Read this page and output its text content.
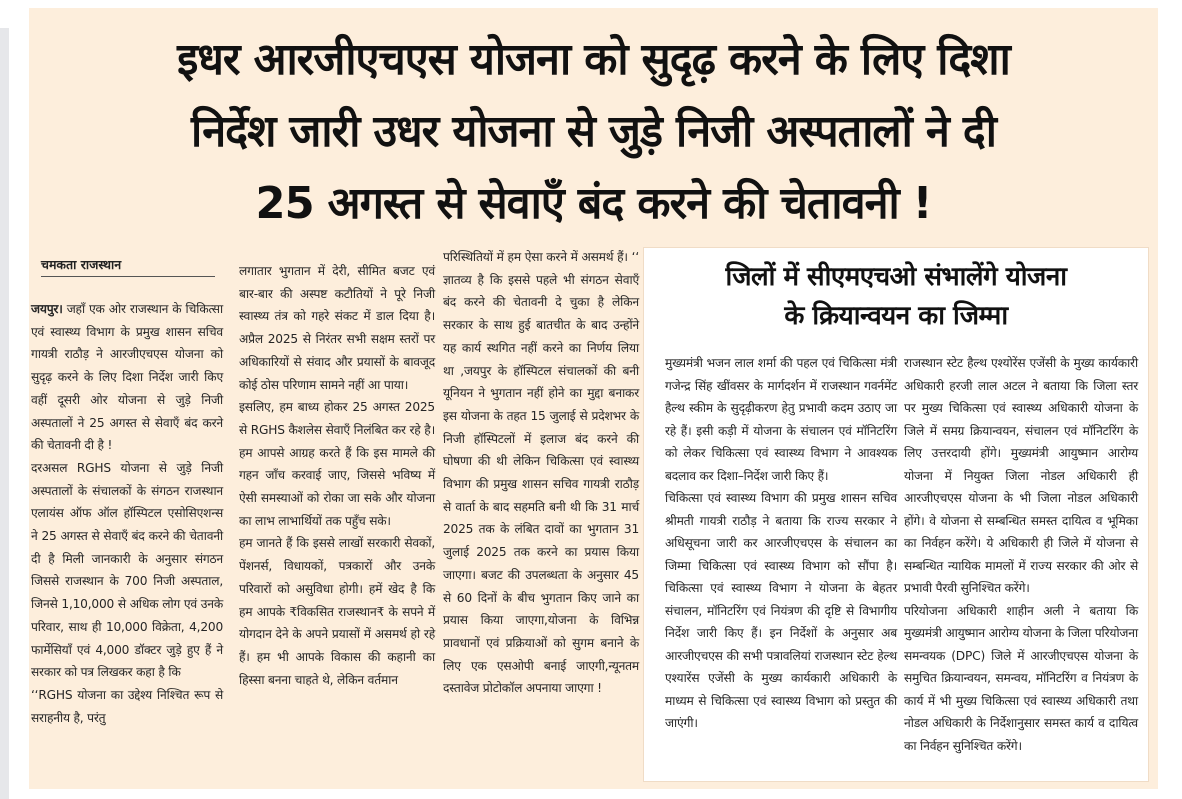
इधर आरजीएचएस योजना को सुदृढ़ करने के लिए दिशा
निर्देश जारी उधर योजना से जुड़े निजी अस्पतालों ने दी
25 अगस्त से सेवाएँ बंद करने की चेतावनी !
चमकता राजस्थान

जयपुर। जहाँ एक ओर राजस्थान के चिकित्सा एवं स्वास्थ्य विभाग के प्रमुख शासन सचिव गायत्री राठौड़ ने आरजीएचएस योजना को सुदृढ़ करने के लिए दिशा निर्देश जारी किए वहीं दूसरी ओर योजना से जुड़े निजी अस्पतालों ने 25 अगस्त से सेवाएँ बंद करने की चेतावनी दी है !

दरअसल RGHS योजना से जुड़े निजी अस्पतालों के संचालकों के संगठन राजस्थान एलायंस ऑफ ऑल हॉस्पिटल एसोसिएशन्स ने 25 अगस्त से सेवाएँ बंद करने की चेतावनी दी है मिली जानकारी के अनुसार संगठन जिससे राजस्थान के 700 निजी अस्पताल, जिनसे 1,10,000 से अधिक लोग एवं उनके परिवार, साथ ही 10,000 विक्रेता, 4,200 फार्मेसियाँ एवं 4,000 डॉक्टर जुड़े हुए हैं ने सरकार को पत्र लिखकर कहा है कि

‘‘RGHS योजना का उद्देश्य निश्चित रूप से सराहनीय है, परंतु

लगातार भुगतान में देरी, सीमित बजट एवं बार-बार की अस्पष्ट कटौतियों ने पूरे निजी स्वास्थ्य तंत्र को गहरे संकट में डाल दिया है। अप्रैल 2025 से निरंतर सभी सक्षम स्तरों पर अधिकारियों से संवाद और प्रयासों के बावजूद कोई ठोस परिणाम सामने नहीं आ पाया।

इसलिए, हम बाध्य होकर 25 अगस्त 2025 से RGHS कैशलेस सेवाएँ निलंबित कर रहे है। हम आपसे आग्रह करते हैं कि इस मामले की गहन जाँच करवाई जाए, जिससे भविष्य में ऐसी समस्याओं को रोका जा सके और योजना का लाभ लाभार्थियों तक पहुँच सके।

हम जानते हैं कि इससे लाखों सरकारी सेवकों, पेंशनर्स, विधायकों, पत्रकारों और उनके परिवारों को असुविधा होगी। हमें खेद है कि हम आपके ₹विकसित राजस्थान₹ के सपने में योगदान देने के अपने प्रयासों में असमर्थ हो रहे हैं। हम भी आपके विकास की कहानी का हिस्सा बनना चाहते थे, लेकिन वर्तमान

परिस्थितियों में हम ऐसा करने में असमर्थ हैं। ‘‘ ज्ञातव्य है कि इससे पहले भी संगठन सेवाएँ बंद करने की चेतावनी दे चुका है लेकिन सरकार के साथ हुई बातचीत के बाद उन्होंने यह कार्य स्थगित नहीं करने का निर्णय लिया था ,जयपुर के हॉस्पिटल संचालकों की बनी यूनियन ने भुगतान नहीं होने का मुद्दा बनाकर इस योजना के तहत 15 जुलाई से प्रदेशभर के निजी हॉस्पिटलों में इलाज बंद करने की घोषणा की थी लेकिन चिकित्सा एवं स्वास्थ्य विभाग की प्रमुख शासन सचिव गायत्री राठौड़ से वार्ता के बाद सहमति बनी थी कि 31 मार्च 2025 तक के लंबित दावों का भुगतान 31 जुलाई 2025 तक करने का प्रयास किया जाएगा। बजट की उपलब्धता के अनुसार 45 से 60 दिनों के बीच भुगतान किए जाने का प्रयास किया जाएगा,योजना के विभिन्न प्रावधानों एवं प्रक्रियाओं को सुगम बनाने के लिए एक एसओपी बनाई जाएगी,न्यूनतम दस्तावेज प्रोटोकॉल अपनाया जाएगा !

जिलों में सीएमएचओ संभालेंगे योजना
के क्रियान्वयन का जिम्मा

मुख्यमंत्री भजन लाल शर्मा की पहल एवं चिकित्सा मंत्री गजेन्द्र सिंह खींवसर के मार्गदर्शन में राजस्थान गवर्नमेंट हैल्थ स्कीम के सुदृढ़ीकरण हेतु प्रभावी कदम उठाए जा रहे हैं। इसी कड़ी में योजना के संचालन एवं मॉनिटरिंग को लेकर चिकित्सा एवं स्वास्थ्य विभाग ने आवश्यक बदलाव कर दिशा–निर्देश जारी किए हैं।

चिकित्सा एवं स्वास्थ्य विभाग की प्रमुख शासन सचिव श्रीमती गायत्री राठौड़ ने बताया कि राज्य सरकार ने अधिसूचना जारी कर आरजीएचएस के संचालन का जिम्मा चिकित्सा एवं स्वास्थ्य विभाग को सौंपा है। चिकित्सा एवं स्वास्थ्य विभाग ने योजना के बेहतर संचालन, मॉनिटरिंग एवं नियंत्रण की दृष्टि से विभागीय निर्देश जारी किए हैं। इन निर्देशों के अनुसार अब आरजीएचएस की सभी पत्रावलियां राजस्थान स्टेट हेल्थ एश्यारेंस एजेंसी के मुख्य कार्यकारी अधिकारी के माध्यम से चिकित्सा एवं स्वास्थ्य विभाग को प्रस्तुत की जाएंगी।

राजस्थान स्टेट हैल्थ एश्योरेंस एजेंसी के मुख्य कार्यकारी अधिकारी हरजी लाल अटल ने बताया कि जिला स्तर पर मुख्य चिकित्सा एवं स्वास्थ्य अधिकारी योजना के जिले में समग्र क्रियान्वयन, संचालन एवं मॉनिटरिंग के लिए उत्तरदायी होंगे। मुख्यमंत्री आयुष्मान आरोग्य योजना में नियुक्त जिला नोडल अधिकारी ही आरजीएचएस योजना के भी जिला नोडल अधिकारी होंगे। वे योजना से सम्बन्धित समस्त दायित्व व भूमिका का निर्वहन करेंगे। ये अधिकारी ही जिले में योजना से सम्बन्धित न्यायिक मामलों में राज्य सरकार की ओर से प्रभावी पैरवी सुनिश्चित करेंगे।

परियोजना अधिकारी शाहीन अली ने बताया कि मुख्यमंत्री आयुष्मान आरोग्य योजना के जिला परियोजना समन्वयक (DPC) जिले में आरजीएचएस योजना के समुचित क्रियान्वयन, समन्वय, मॉनिटरिंग व नियंत्रण के कार्य में भी मुख्य चिकित्सा एवं स्वास्थ्य अधिकारी तथा नोडल अधिकारी के निर्देशानुसार समस्त कार्य व दायित्व का निर्वहन सुनिश्चित करेंगे।
